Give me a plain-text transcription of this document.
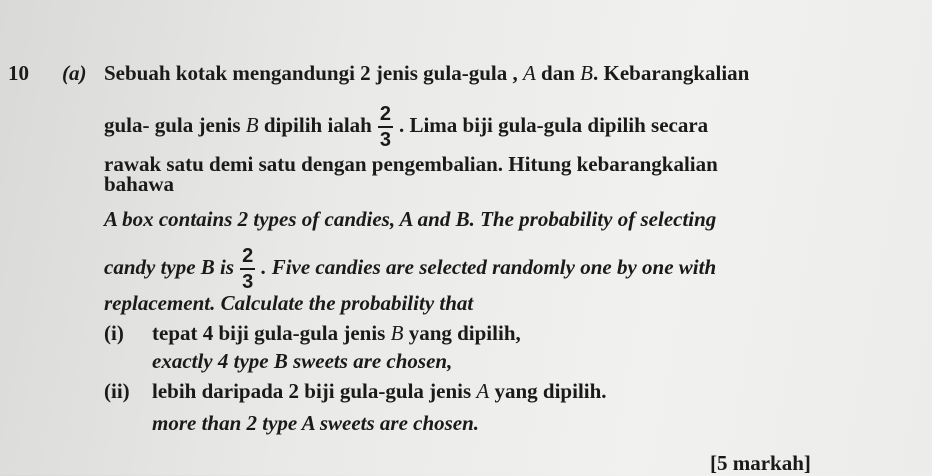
10 (a) Sebuah kotak mengandungi 2 jenis gula-gula , A dan B. Kebarangkalian
gula- gula jenis B dipilih ialah $\frac{2}{3}$ . Lima biji gula-gula dipilih secara
rawak satu demi satu dengan pengembalian. Hitung kebarangkalian
bahawa
A box contains 2 types of candies, A and B. The probability of selecting
candy type B is $\frac{2}{3}$ . Five candies are selected randomly one by one with
replacement. Calculate the probability that
(i) tepat 4 biji gula-gula jenis B yang dipilih,
exactly 4 type B sweets are chosen,
(ii) lebih daripada 2 biji gula-gula jenis A yang dipilih.
more than 2 type A sweets are chosen.
[5 markah]
